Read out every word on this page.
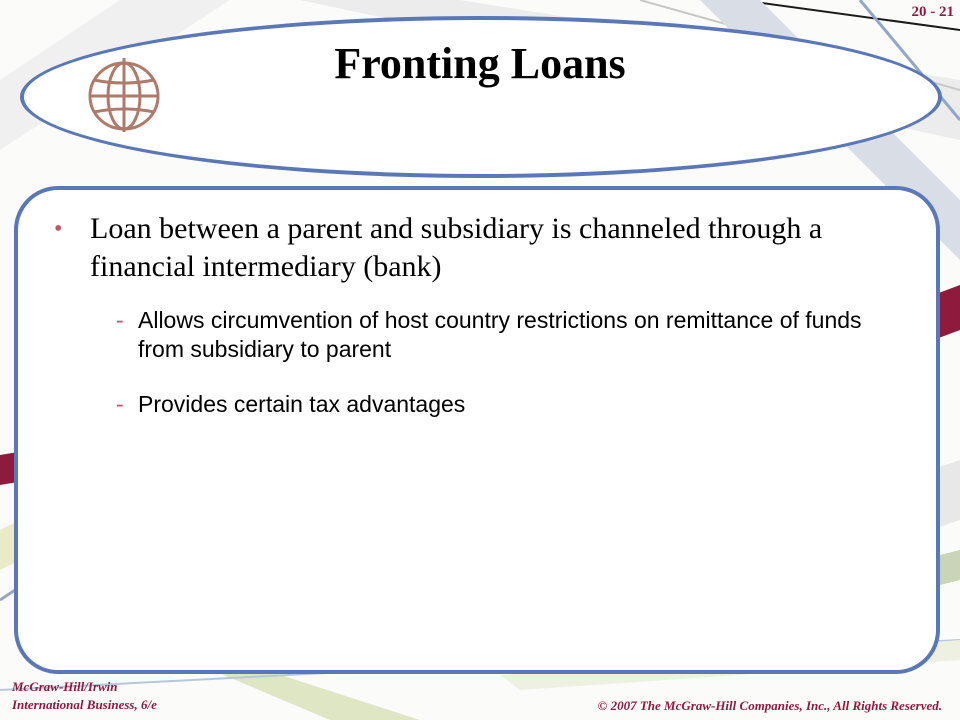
20 - 21
Fronting Loans
• Loan between a parent and subsidiary is channeled through a financial intermediary (bank)
- Allows circumvention of host country restrictions on remittance of funds from subsidiary to parent
- Provides certain tax advantages
McGraw-Hill/Irwin
International Business, 6/e	© 2007 The McGraw-Hill Companies, Inc., All Rights Reserved.
